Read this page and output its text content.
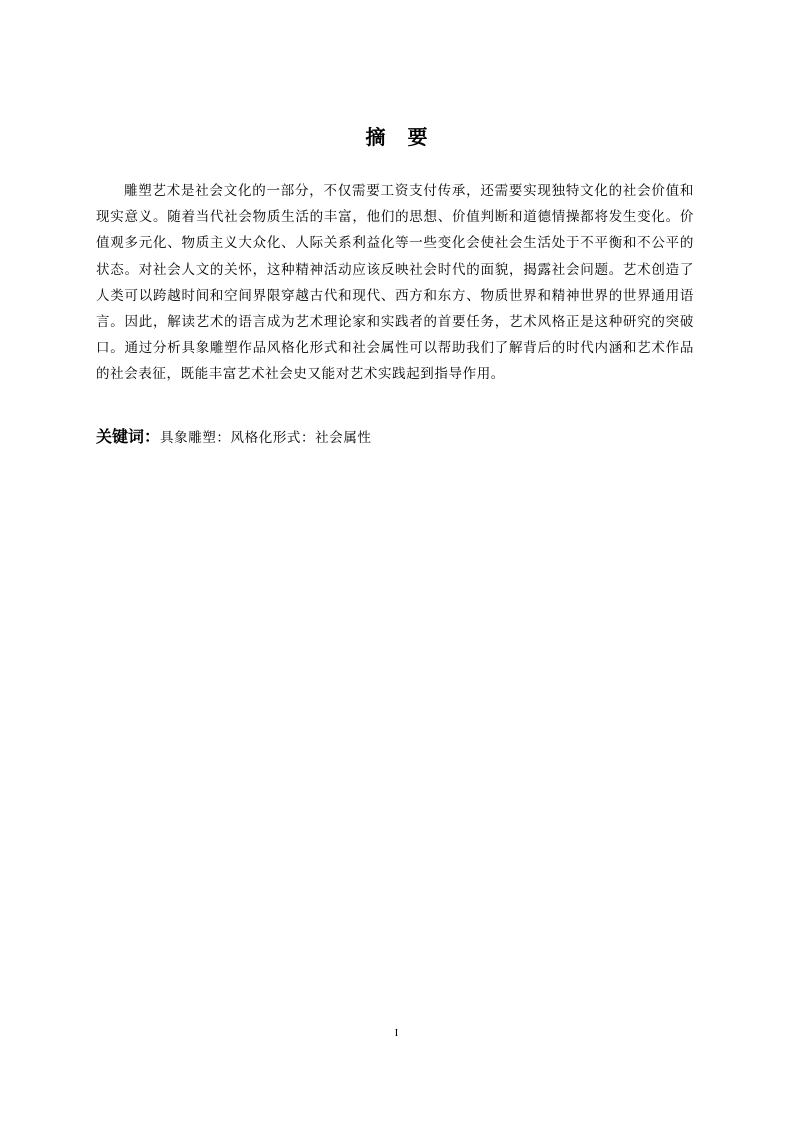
摘要

雕塑艺术是社会文化的一部分，不仅需要工资支付传承，还需要实现独特文化的社会价值和现实意义。随着当代社会物质生活的丰富，他们的思想、价值判断和道德情操都将发生变化。价值观多元化、物质主义大众化、人际关系利益化等一些变化会使社会生活处于不平衡和不公平的状态。对社会人文的关怀，这种精神活动应该反映社会时代的面貌，揭露社会问题。艺术创造了人类可以跨越时间和空间界限穿越古代和现代、西方和东方、物质世界和精神世界的世界通用语言。因此，解读艺术的语言成为艺术理论家和实践者的首要任务，艺术风格正是这种研究的突破口。通过分析具象雕塑作品风格化形式和社会属性可以帮助我们了解背后的时代内涵和艺术作品的社会表征，既能丰富艺术社会史又能对艺术实践起到指导作用。

关键词：具象雕塑：风格化形式：社会属性
I
